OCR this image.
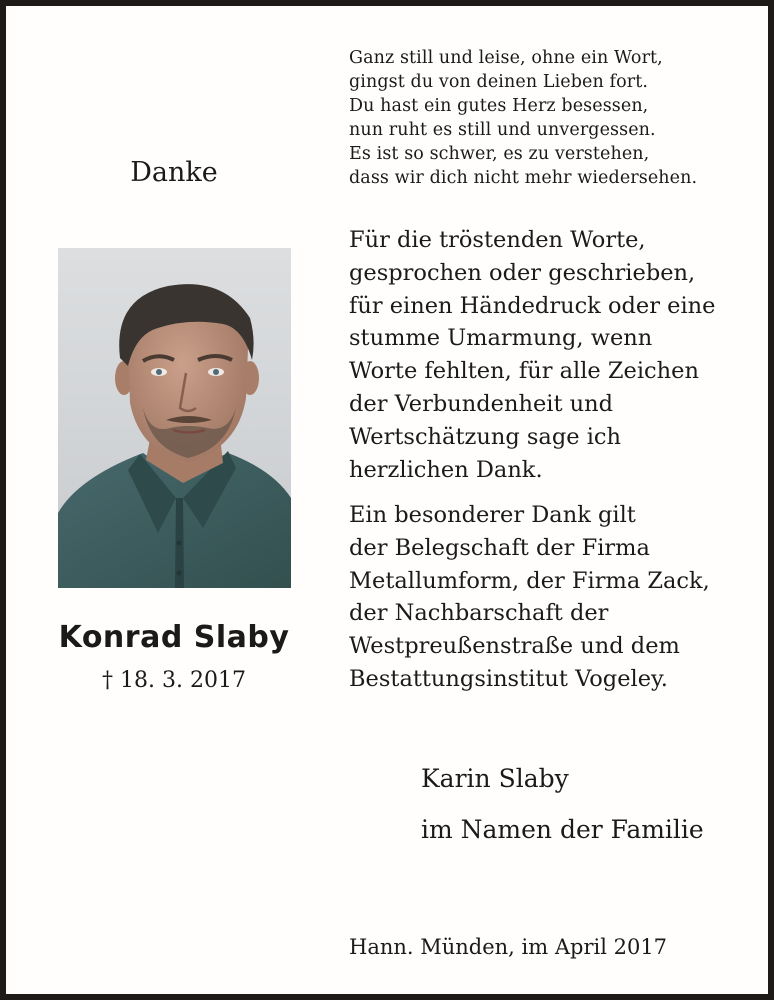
Ganz still und leise, ohne ein Wort,
gingst du von deinen Lieben fort.
Du hast ein gutes Herz besessen,
nun ruht es still und unvergessen.
Es ist so schwer, es zu verstehen,
dass wir dich nicht mehr wiedersehen.
Danke
Konrad Slaby
† 18. 3. 2017
Für die tröstenden Worte,
gesprochen oder geschrieben,
für einen Händedruck oder eine
stumme Umarmung, wenn
Worte fehlten, für alle Zeichen
der Verbundenheit und
Wertschätzung sage ich
herzlichen Dank.
Ein besonderer Dank gilt
der Belegschaft der Firma
Metallumform, der Firma Zack,
der Nachbarschaft der
Westpreußenstraße und dem
Bestattungsinstitut Vogeley.
Karin Slaby
im Namen der Familie
Hann. Münden, im April 2017
